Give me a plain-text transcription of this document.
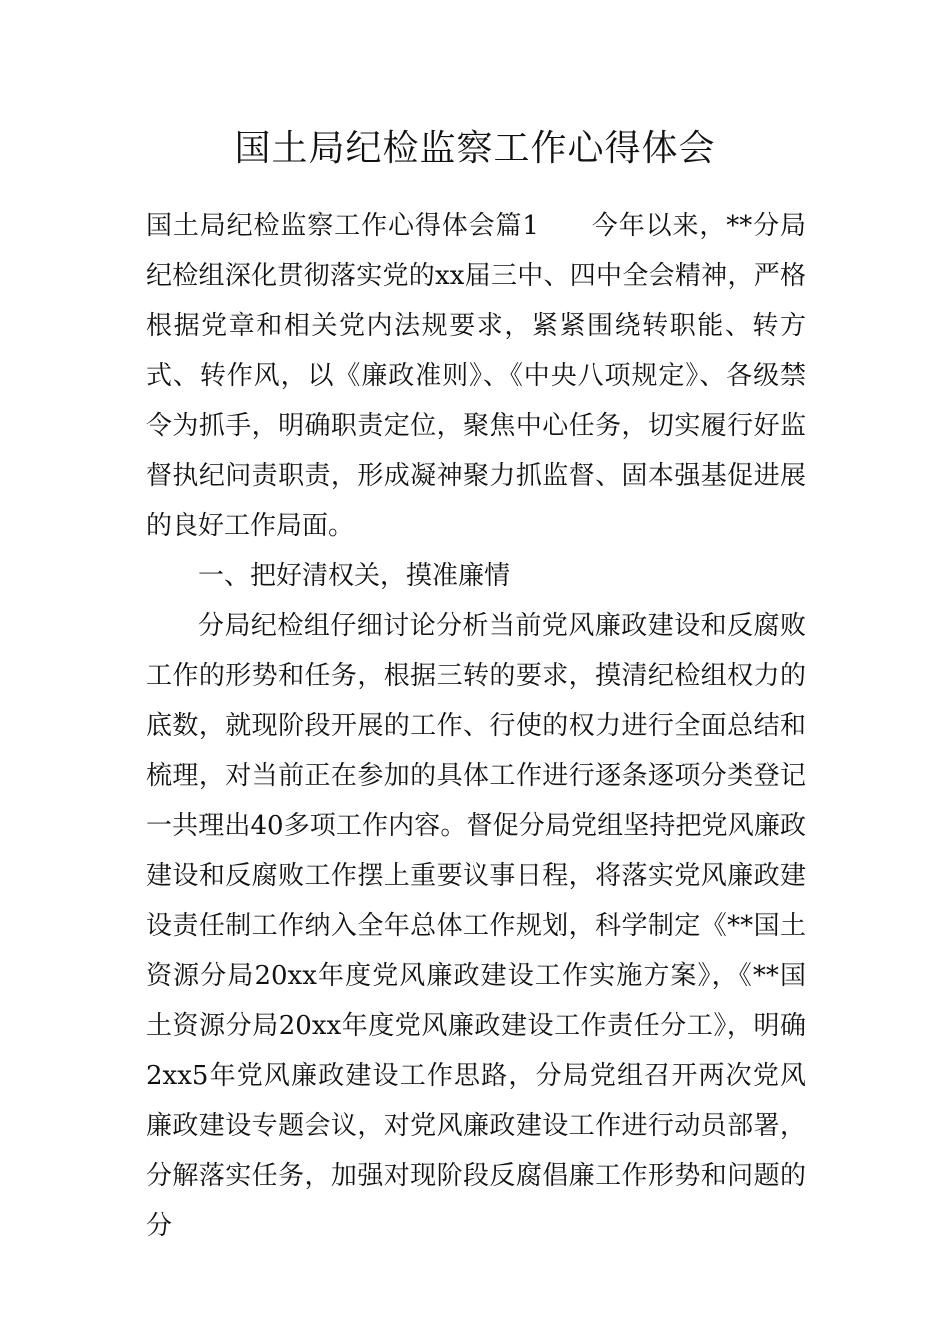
国土局纪检监察工作心得体会

国土局纪检监察工作心得体会篇1 今年以来，**分局纪检组深化贯彻落实党的xx届三中、四中全会精神，严格根据党章和相关党内法规要求，紧紧围绕转职能、转方式、转作风，以《廉政准则》、《中央八项规定》、各级禁令为抓手，明确职责定位，聚焦中心任务，切实履行好监督执纪问责职责，形成凝神聚力抓监督、固本强基促进展的良好工作局面。

一、把好清权关，摸准廉情

分局纪检组仔细讨论分析当前党风廉政建设和反腐败工作的形势和任务，根据三转的要求，摸清纪检组权力的底数，就现阶段开展的工作、行使的权力进行全面总结和梳理，对当前正在参加的具体工作进行逐条逐项分类登记一共理出40多项工作内容。督促分局党组坚持把党风廉政建设和反腐败工作摆上重要议事日程，将落实党风廉政建设责任制工作纳入全年总体工作规划，科学制定《**国土资源分局20xx年度党风廉政建设工作实施方案》，《**国土资源分局20xx年度党风廉政建设工作责任分工》，明确2xx5年党风廉政建设工作思路，分局党组召开两次党风廉政建设专题会议，对党风廉政建设工作进行动员部署，分解落实任务，加强对现阶段反腐倡廉工作形势和问题的分
